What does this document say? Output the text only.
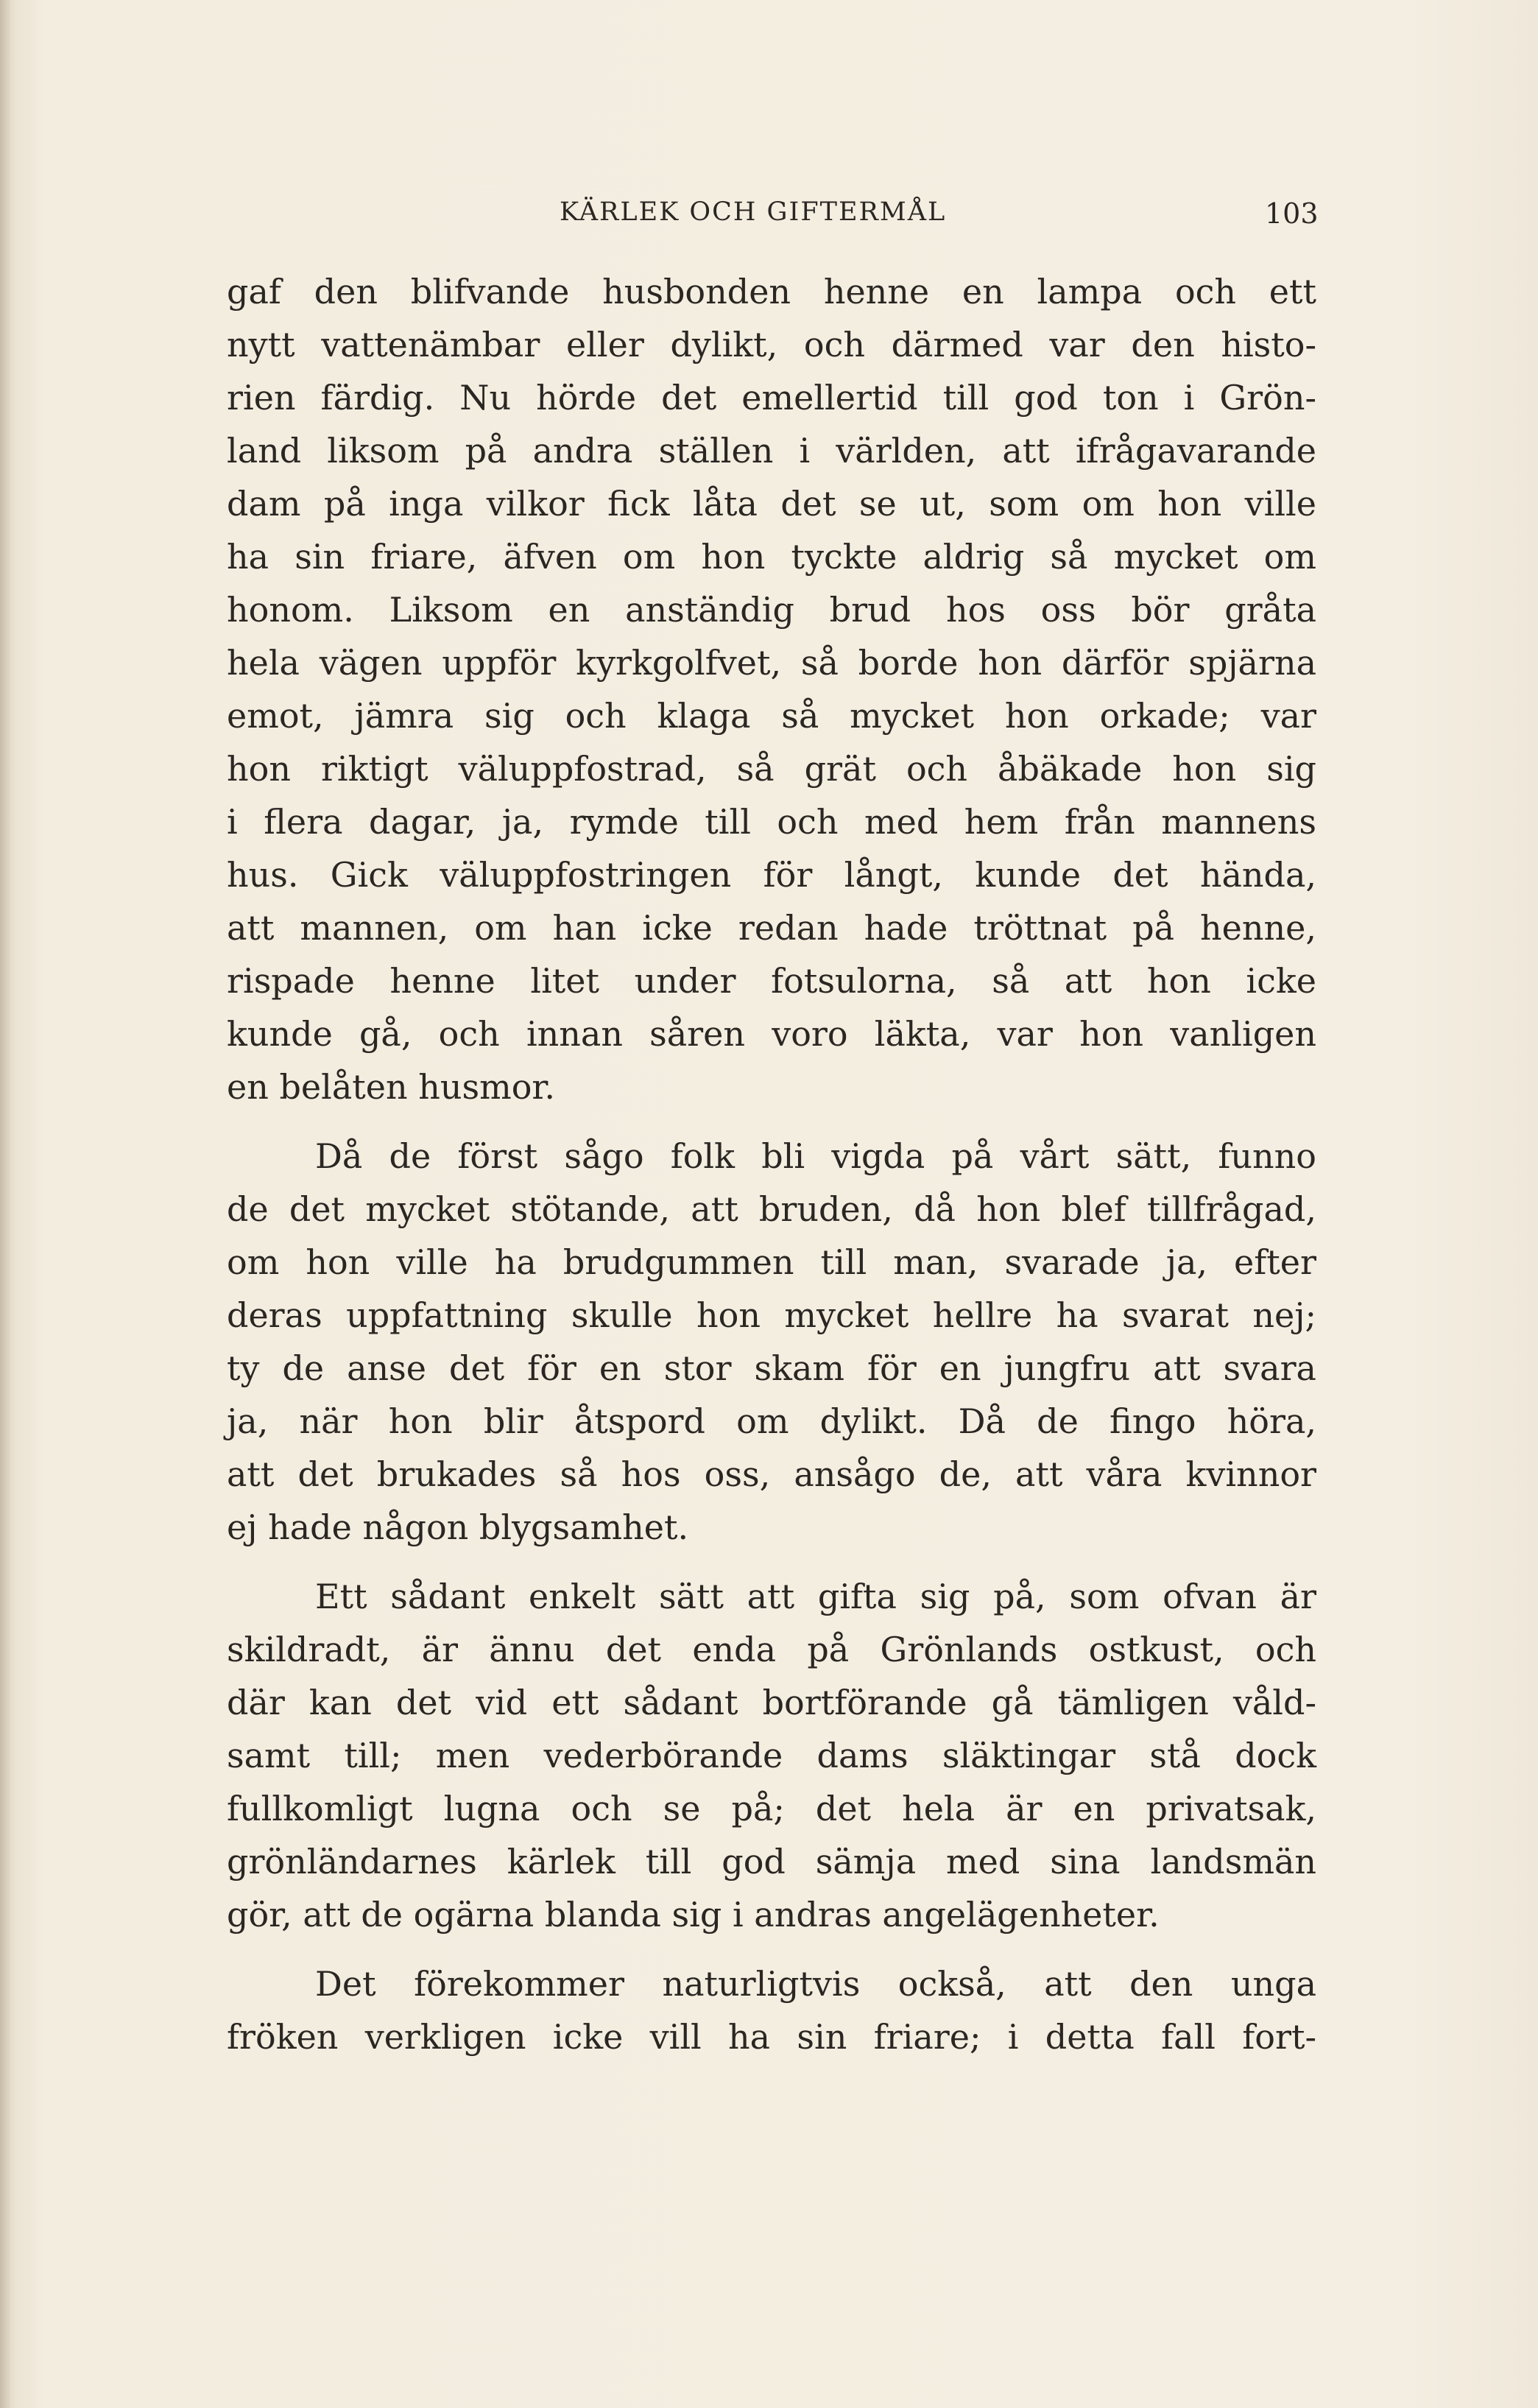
KÄRLEK OCH GIFTERMÅL	103
gaf den blifvande husbonden henne en lampa och ett
nytt vattenämbar eller dylikt, och därmed var den histo-
rien färdig. Nu hörde det emellertid till god ton i Grön-
land liksom på andra ställen i världen, att ifrågavarande
dam på inga vilkor fick låta det se ut, som om hon ville
ha sin friare, äfven om hon tyckte aldrig så mycket om
honom. Liksom en anständig brud hos oss bör gråta
hela vägen uppför kyrkgolfvet, så borde hon därför spjärna
emot, jämra sig och klaga så mycket hon orkade; var
hon riktigt väluppfostrad, så grät och åbäkade hon sig
i flera dagar, ja, rymde till och med hem från mannens
hus. Gick väluppfostringen för långt, kunde det hända,
att mannen, om han icke redan hade tröttnat på henne,
rispade henne litet under fotsulorna, så att hon icke
kunde gå, och innan såren voro läkta, var hon vanligen
en belåten husmor.
Då de först sågo folk bli vigda på vårt sätt, funno
de det mycket stötande, att bruden, då hon blef tillfrågad,
om hon ville ha brudgummen till man, svarade ja, efter
deras uppfattning skulle hon mycket hellre ha svarat nej;
ty de anse det för en stor skam för en jungfru att svara
ja, när hon blir åtspord om dylikt. Då de fingo höra,
att det brukades så hos oss, ansågo de, att våra kvinnor
ej hade någon blygsamhet.
Ett sådant enkelt sätt att gifta sig på, som ofvan är
skildradt, är ännu det enda på Grönlands ostkust, och
där kan det vid ett sådant bortförande gå tämligen våld-
samt till; men vederbörande dams släktingar stå dock
fullkomligt lugna och se på; det hela är en privatsak,
grönländarnes kärlek till god sämja med sina landsmän
gör, att de ogärna blanda sig i andras angelägenheter.
Det förekommer naturligtvis också, att den unga
fröken verkligen icke vill ha sin friare; i detta fall fort-
